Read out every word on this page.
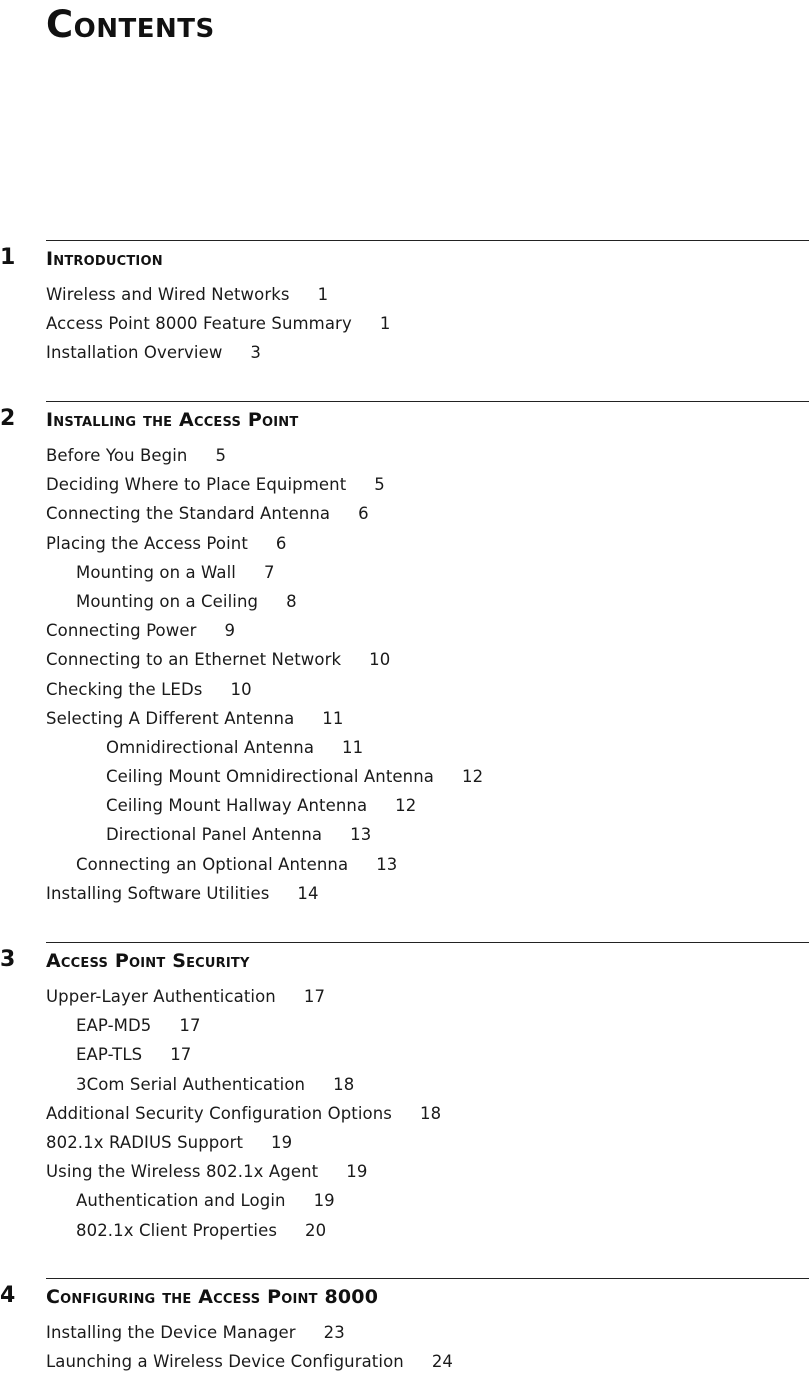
Contents
1 Introduction
Wireless and Wired Networks 1
Access Point 8000 Feature Summary 1
Installation Overview 3
2 Installing the Access Point
Before You Begin 5
Deciding Where to Place Equipment 5
Connecting the Standard Antenna 6
Placing the Access Point 6
Mounting on a Wall 7
Mounting on a Ceiling 8
Connecting Power 9
Connecting to an Ethernet Network 10
Checking the LEDs 10
Selecting A Different Antenna 11
Omnidirectional Antenna 11
Ceiling Mount Omnidirectional Antenna 12
Ceiling Mount Hallway Antenna 12
Directional Panel Antenna 13
Connecting an Optional Antenna 13
Installing Software Utilities 14
3 Access Point Security
Upper-Layer Authentication 17
EAP-MD5 17
EAP-TLS 17
3Com Serial Authentication 18
Additional Security Configuration Options 18
802.1x RADIUS Support 19
Using the Wireless 802.1x Agent 19
Authentication and Login 19
802.1x Client Properties 20
4 Configuring the Access Point 8000
Installing the Device Manager 23
Launching a Wireless Device Configuration 24
